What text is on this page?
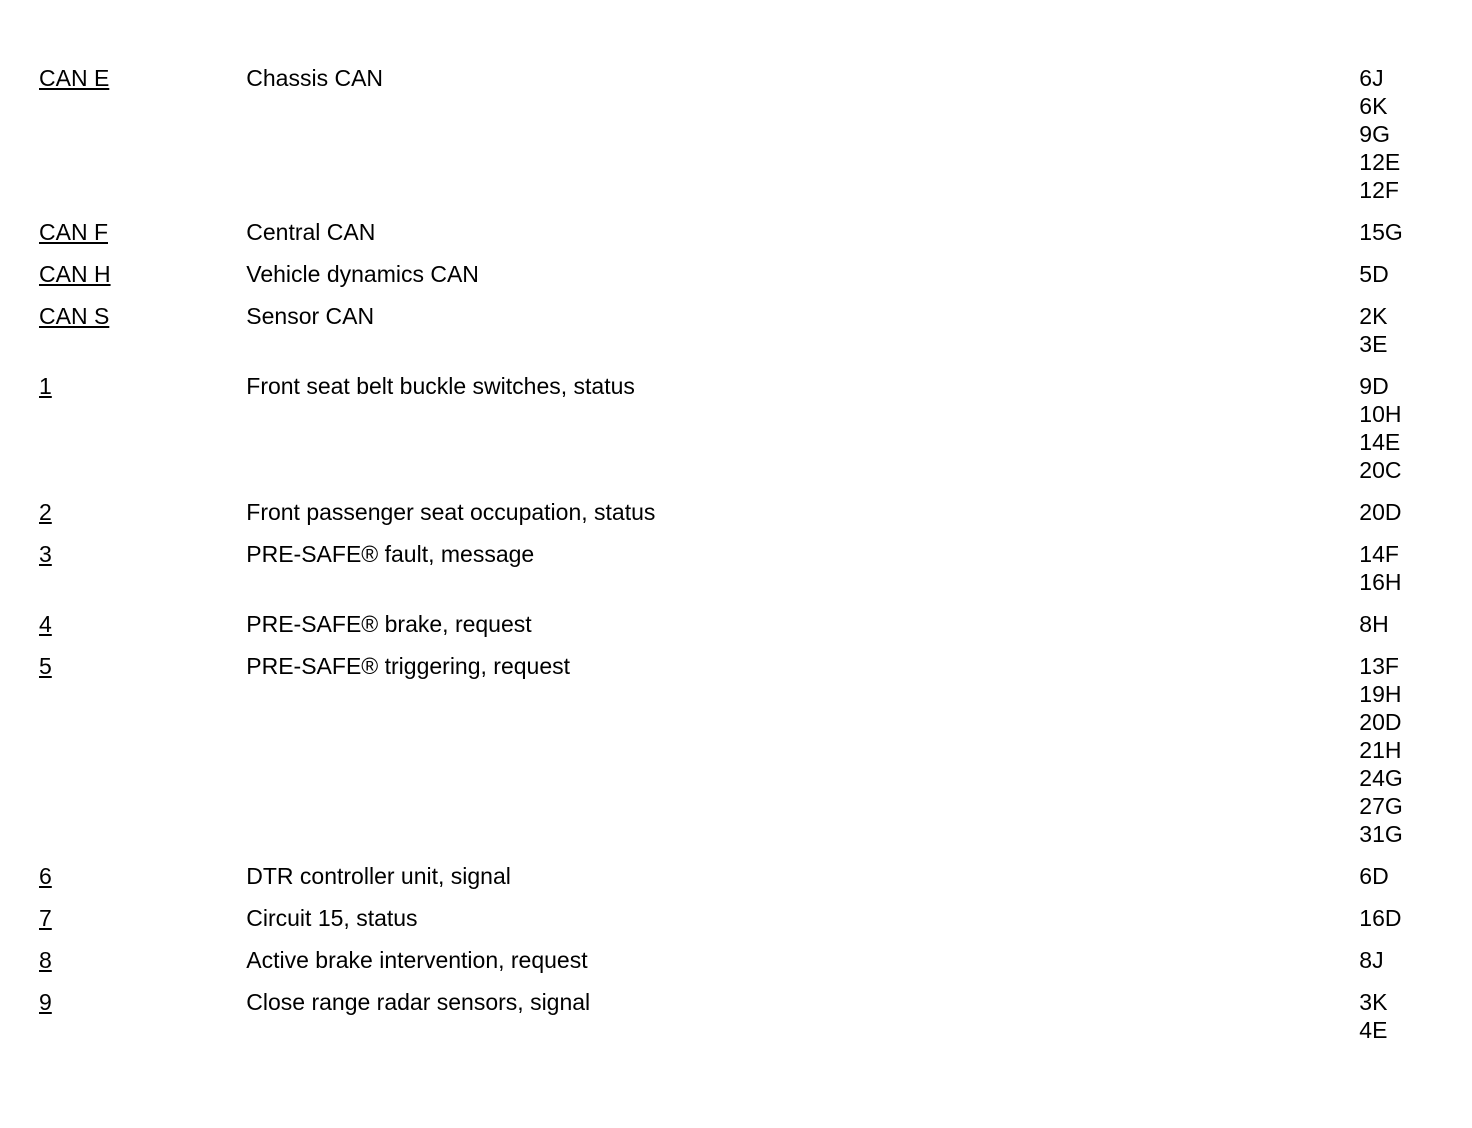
CAN E	Chassis CAN	6J
6K
9G
12E
12F
CAN F	Central CAN	15G
CAN H	Vehicle dynamics CAN	5D
CAN S	Sensor CAN	2K
3E
1	Front seat belt buckle switches, status	9D
10H
14E
20C
2	Front passenger seat occupation, status	20D
3	PRE-SAFE® fault, message	14F
16H
4	PRE-SAFE® brake, request	8H
5	PRE-SAFE® triggering, request	13F
19H
20D
21H
24G
27G
31G
6	DTR controller unit, signal	6D
7	Circuit 15, status	16D
8	Active brake intervention, request	8J
9	Close range radar sensors, signal	3K
4E
